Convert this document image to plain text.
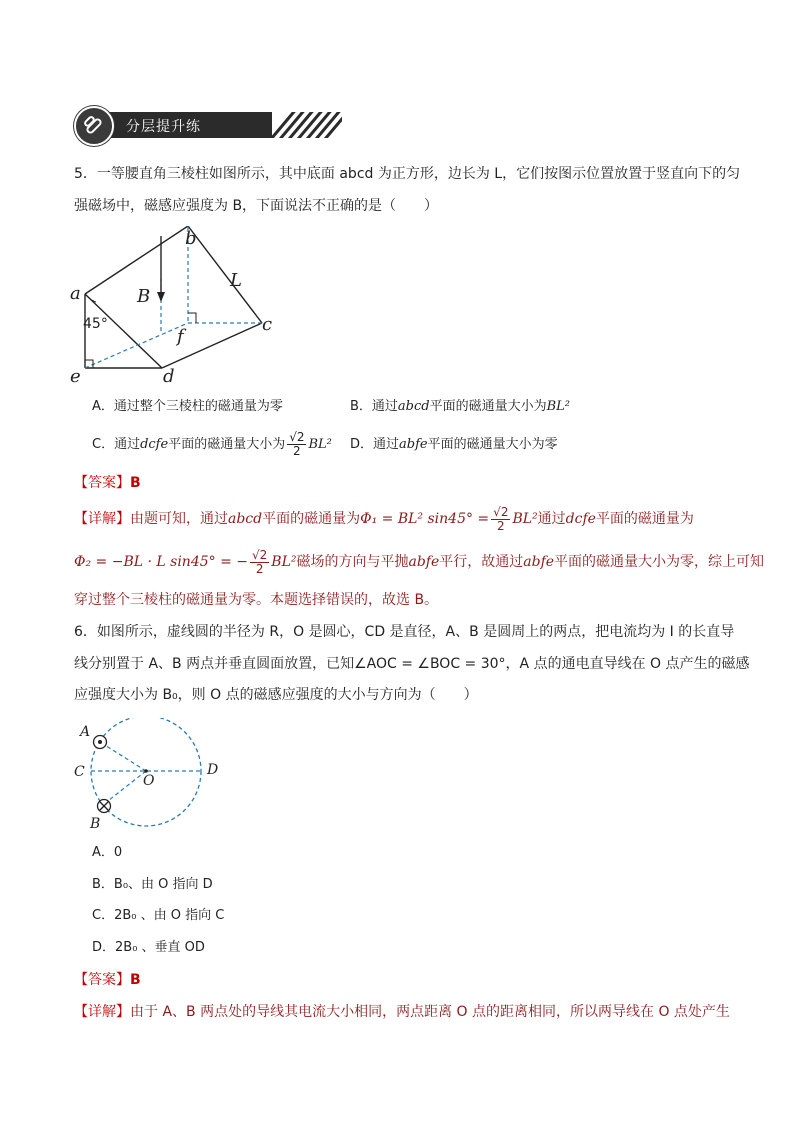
分层提升练
5．一等腰直角三棱柱如图所示，其中底面 abcd 为正方形，边长为 L，它们按图示位置放置于竖直向下的匀
强磁场中，磁感应强度为 B，下面说法不正确的是（　　）
b
a
L
B
45°
f
c
e	d
A．通过整个三棱柱的磁通量为零	B．通过abcd平面的磁通量大小为BL²
C．通过dcfe平面的磁通量大小为 $\frac{√2}{2} BL^2$ D．通过abfe平面的磁通量大小为零
【答案】B
【详解】由题可知，通过abcd平面的磁通量为Φ₁ = BL² $\sin 45^\circ = \frac{√2}{2} BL^2$通过dcfe平面的磁通量为
Φ₂ = −BL · L sin45° = − $\frac{√2}{2} BL^2$磁场的方向与平抛abfe平行，故通过abfe平面的磁通量大小为零，综上可知
穿过整个三棱柱的磁通量为零。本题选择错误的，故选 B。
6．如图所示，虚线圆的半径为 R，O 是圆心，CD 是直径，A、B 是圆周上的两点，把电流均为 I 的长直导
线分别置于 A、B 两点并垂直圆面放置，已知∠AOC = ∠BOC = 30°，A 点的通电直导线在 O 点产生的磁感
应强度大小为 B₀，则 O 点的磁感应强度的大小与方向为（　　）
A
C
O
D
B
A．0
B．B₀、由 O 指向 D
C．2B₀ 、由 O 指向 C
D．2B₀ 、垂直 OD
【答案】B
【详解】由于 A、B 两点处的导线其电流大小相同，两点距离 O 点的距离相同，所以两导线在 O 点处产生
